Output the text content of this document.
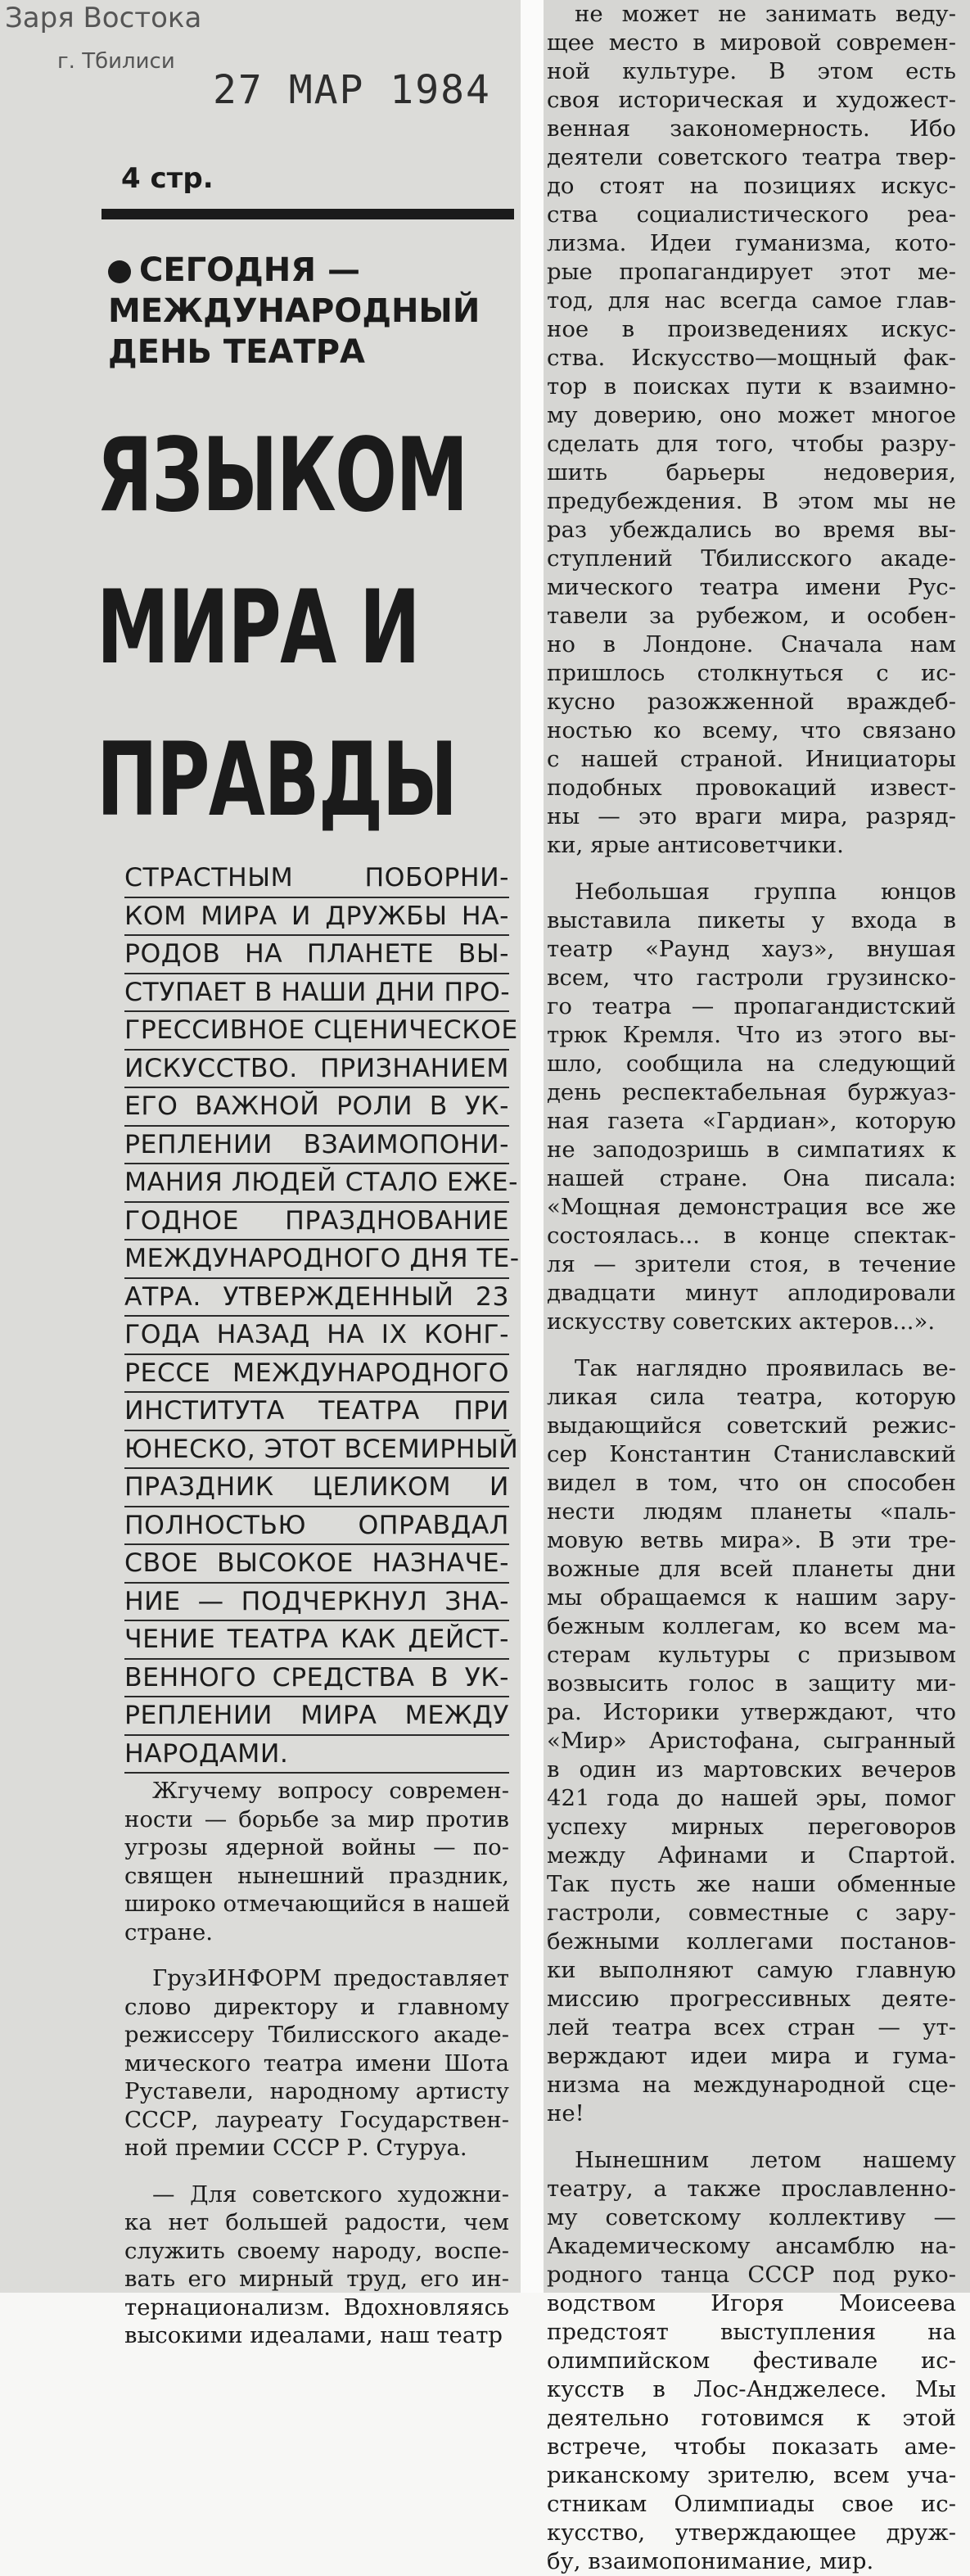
Заря Востока
г. Тбилиси
27 МАР 1984
4 стр.
СЕГОДНЯ —
МЕЖДУНАРОДНЫЙ
ДЕНЬ ТЕАТРА
ЯЗЫКОМ
МИРА И
ПРАВДЫ
СТРАСТНЫМ ПОБОРНИ-
КОМ МИРА И ДРУЖБЫ НА-
РОДОВ НА ПЛАНЕТЕ ВЫ-
СТУПАЕТ В НАШИ ДНИ ПРО-
ГРЕССИВНОЕ СЦЕНИЧЕСКОЕ
ИСКУССТВО. ПРИЗНАНИЕМ
ЕГО ВАЖНОЙ РОЛИ В УК-
РЕПЛЕНИИ ВЗАИМОПОНИ-
МАНИЯ ЛЮДЕЙ СТАЛО ЕЖЕ-
ГОДНОЕ ПРАЗДНОВАНИЕ
МЕЖДУНАРОДНОГО ДНЯ ТЕ-
АТРА. УТВЕРЖДЕННЫЙ 23
ГОДА НАЗАД НА IX КОНГ-
РЕССЕ МЕЖДУНАРОДНОГО
ИНСТИТУТА ТЕАТРА ПРИ
ЮНЕСКО, ЭТОТ ВСЕМИРНЫЙ
ПРАЗДНИК ЦЕЛИКОМ И
ПОЛНОСТЬЮ ОПРАВДАЛ
СВОЕ ВЫСОКОЕ НАЗНАЧЕ-
НИЕ — ПОДЧЕРКНУЛ ЗНА-
ЧЕНИЕ ТЕАТРА КАК ДЕЙСТ-
ВЕННОГО СРЕДСТВА В УК-
РЕПЛЕНИИ МИРА МЕЖДУ
НАРОДАМИ.
Жгучему вопросу современ-
ности — борьбе за мир против
угрозы ядерной войны — по-
священ нынешний праздник,
широко отмечающийся в нашей
стране.
ГрузИНФОРМ предоставляет
слово директору и главному
режиссеру Тбилисского акаде-
мического театра имени Шота
Руставели, народному артисту
СССР, лауреату Государствен-
ной премии СССР Р. Стуруа.
— Для советского художни-
ка нет большей радости, чем
служить своему народу, воспе-
вать его мирный труд, его ин-
тернационализм. Вдохновляясь
высокими идеалами, наш театр
не может не занимать веду-
щее место в мировой современ-
ной культуре. В этом есть
своя историческая и художест-
венная закономерность. Ибо
деятели советского театра твер-
до стоят на позициях искус-
ства социалистического реа-
лизма. Идеи гуманизма, кото-
рые пропагандирует этот ме-
тод, для нас всегда самое глав-
ное в произведениях искус-
ства. Искусство—мощный фак-
тор в поисках пути к взаимно-
му доверию, оно может многое
сделать для того, чтобы разру-
шить барьеры недоверия,
предубеждения. В этом мы не
раз убеждались во время вы-
ступлений Тбилисского акаде-
мического театра имени Рус-
тавели за рубежом, и особен-
но в Лондоне. Сначала нам
пришлось столкнуться с ис-
кусно разожженной враждеб-
ностью ко всему, что связано
с нашей страной. Инициаторы
подобных провокаций извест-
ны — это враги мира, разряд-
ки, ярые антисоветчики.
Небольшая группа юнцов
выставила пикеты у входа в
театр «Раунд хауз», внушая
всем, что гастроли грузинско-
го театра — пропагандистский
трюк Кремля. Что из этого вы-
шло, сообщила на следующий
день респектабельная буржуаз-
ная газета «Гардиан», которую
не заподозришь в симпатиях к
нашей стране. Она писала:
«Мощная демонстрация все же
состоялась... в конце спектак-
ля — зрители стоя, в течение
двадцати минут аплодировали
искусству советских актеров...».
Так наглядно проявилась ве-
ликая сила театра, которую
выдающийся советский режис-
сер Константин Станиславский
видел в том, что он способен
нести людям планеты «паль-
мовую ветвь мира». В эти тре-
вожные для всей планеты дни
мы обращаемся к нашим зару-
бежным коллегам, ко всем ма-
стерам культуры с призывом
возвысить голос в защиту ми-
ра. Историки утверждают, что
«Мир» Аристофана, сыгранный
в один из мартовских вечеров
421 года до нашей эры, помог
успеху мирных переговоров
между Афинами и Спартой.
Так пусть же наши обменные
гастроли, совместные с зару-
бежными коллегами постанов-
ки выполняют самую главную
миссию прогрессивных деяте-
лей театра всех стран — ут-
верждают идеи мира и гума-
низма на международной сце-
не!
Нынешним летом нашему
театру, а также прославленно-
му советскому коллективу —
Академическому ансамблю на-
родного танца СССР под руко-
водством Игоря Моисеева
предстоят выступления на
олимпийском фестивале ис-
кусств в Лос-Анджелесе. Мы
деятельно готовимся к этой
встрече, чтобы показать аме-
риканскому зрителю, всем уча-
стникам Олимпиады свое ис-
кусство, утверждающее друж-
бу, взаимопонимание, мир.
